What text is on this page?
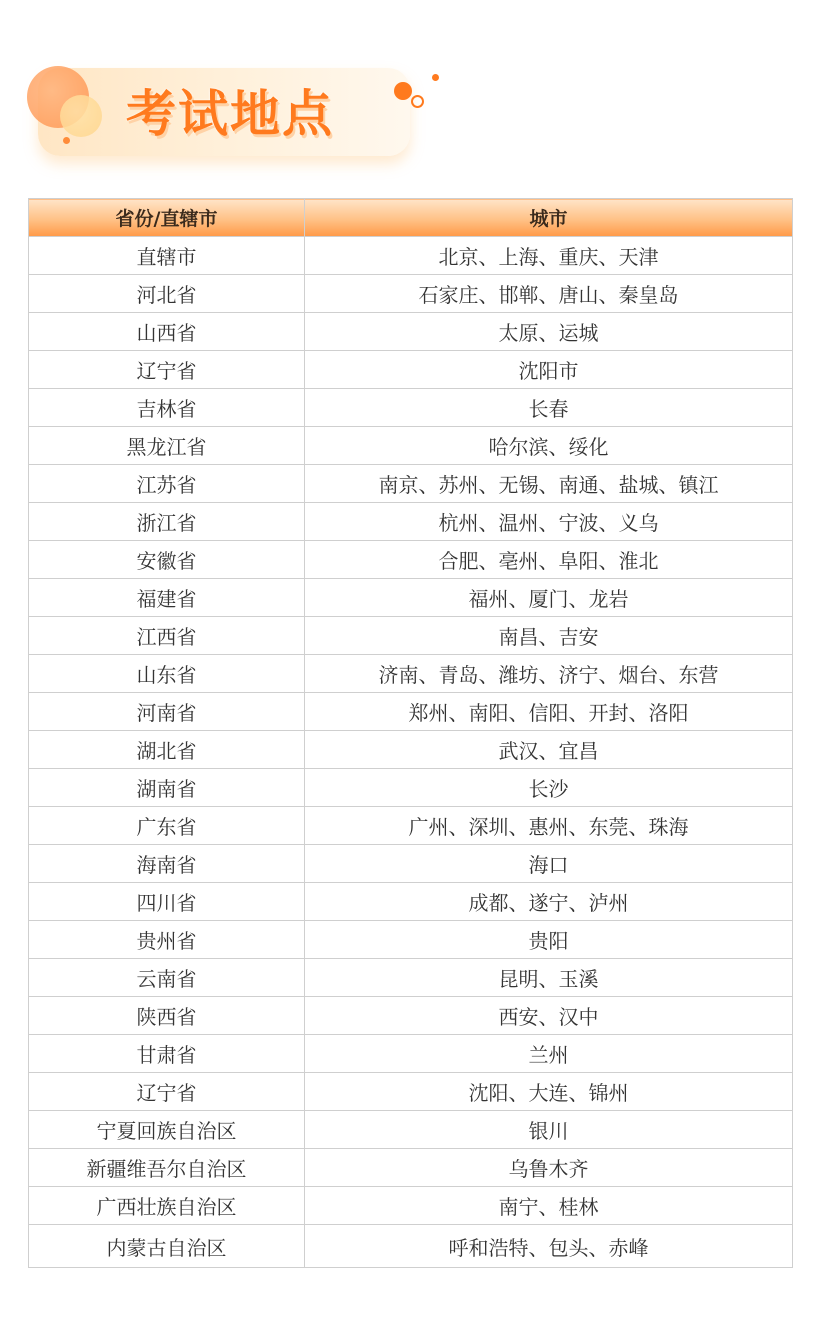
考试地点
省份/直辖市	城市
直辖市	北京、上海、重庆、天津
河北省	石家庄、邯郸、唐山、秦皇岛
山西省	太原、运城
辽宁省	沈阳市
吉林省	长春
黑龙江省	哈尔滨、绥化
江苏省	南京、苏州、无锡、南通、盐城、镇江
浙江省	杭州、温州、宁波、义乌
安徽省	合肥、亳州、阜阳、淮北
福建省	福州、厦门、龙岩
江西省	南昌、吉安
山东省	济南、青岛、潍坊、济宁、烟台、东营
河南省	郑州、南阳、信阳、开封、洛阳
湖北省	武汉、宜昌
湖南省	长沙
广东省	广州、深圳、惠州、东莞、珠海
海南省	海口
四川省	成都、遂宁、泸州
贵州省	贵阳
云南省	昆明、玉溪
陕西省	西安、汉中
甘肃省	兰州
辽宁省	沈阳、大连、锦州
宁夏回族自治区	银川
新疆维吾尔自治区	乌鲁木齐
广西壮族自治区	南宁、桂林
内蒙古自治区	呼和浩特、包头、赤峰
